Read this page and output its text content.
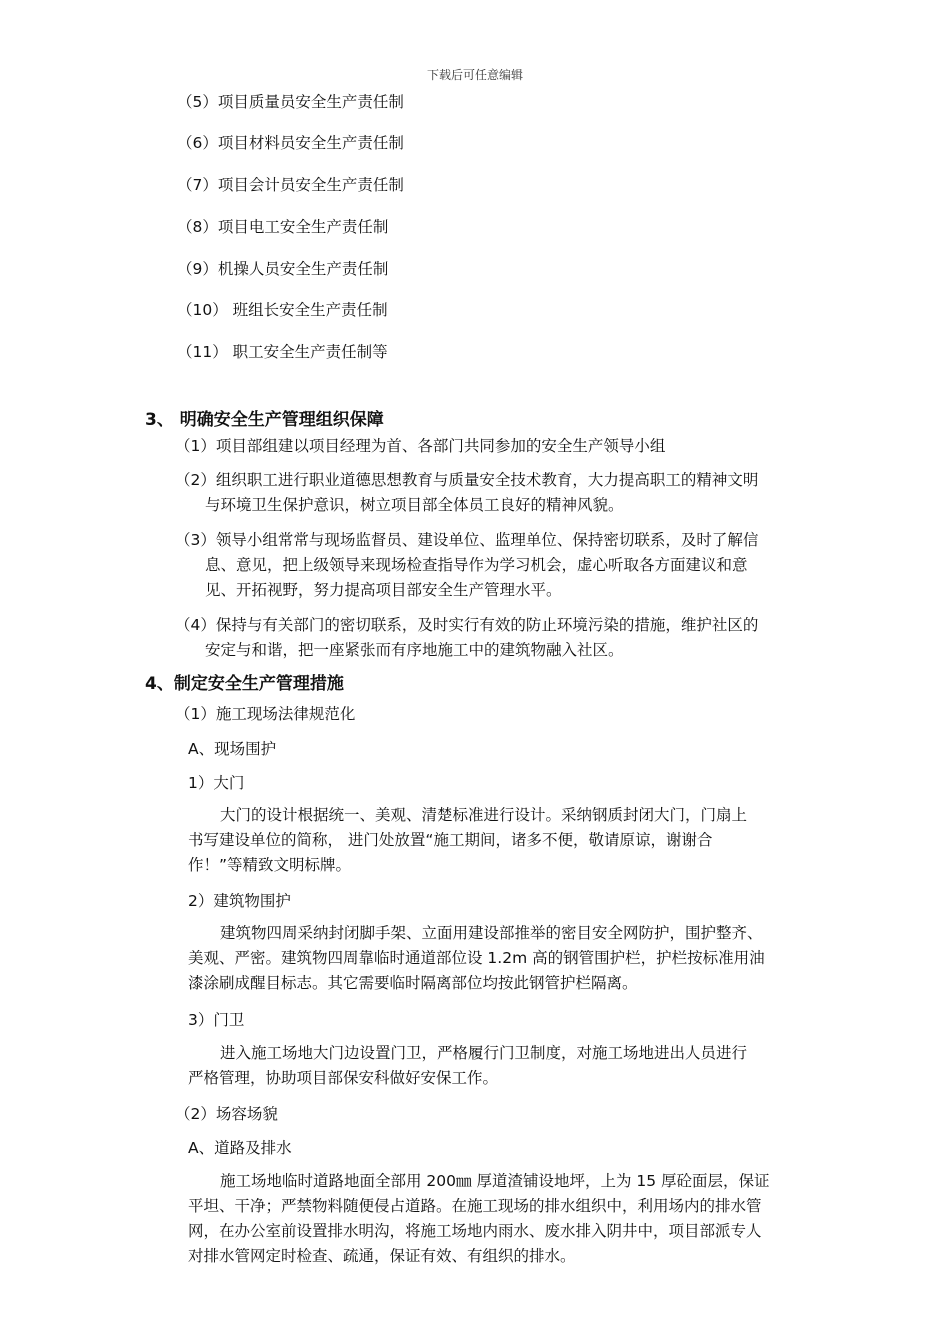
下载后可任意编辑
（5）项目质量员安全生产责任制
（6）项目材料员安全生产责任制
（7）项目会计员安全生产责任制
（8）项目电工安全生产责任制
（9）机操人员安全生产责任制
（10） 班组长安全生产责任制
（11） 职工安全生产责任制等
3、 明确安全生产管理组织保障
（1）项目部组建以项目经理为首、各部门共同参加的安全生产领导小组
（2）组织职工进行职业道德思想教育与质量安全技术教育，大力提高职工的精神文明
与环境卫生保护意识，树立项目部全体员工良好的精神风貌。
（3）领导小组常常与现场监督员、建设单位、监理单位、保持密切联系，及时了解信
息、意见，把上级领导来现场检查指导作为学习机会，虚心听取各方面建议和意
见、开拓视野，努力提高项目部安全生产管理水平。
（4）保持与有关部门的密切联系，及时实行有效的防止环境污染的措施，维护社区的
安定与和谐，把一座紧张而有序地施工中的建筑物融入社区。
4、制定安全生产管理措施
（1）施工现场法律规范化
A、现场围护
1）大门
大门的设计根据统一、美观、清楚标准进行设计。采纳钢质封闭大门，门扇上
书写建设单位的简称， 进门处放置“施工期间，诸多不便，敬请原谅，谢谢合
作！”等精致文明标牌。
2）建筑物围护
建筑物四周采纳封闭脚手架、立面用建设部推举的密目安全网防护，围护整齐、
美观、严密。建筑物四周靠临时通道部位设 1.2m 高的钢管围护栏，护栏按标准用油
漆涂刷成醒目标志。其它需要临时隔离部位均按此钢管护栏隔离。
3）门卫
进入施工场地大门边设置门卫，严格履行门卫制度，对施工场地进出人员进行
严格管理，协助项目部保安科做好安保工作。
（2）场容场貌
A、道路及排水
施工场地临时道路地面全部用 200㎜ 厚道渣铺设地坪，上为 15 厚砼面层，保证
平坦、干净；严禁物料随便侵占道路。在施工现场的排水组织中，利用场内的排水管
网，在办公室前设置排水明沟，将施工场地内雨水、废水排入阴井中，项目部派专人
对排水管网定时检查、疏通，保证有效、有组织的排水。
